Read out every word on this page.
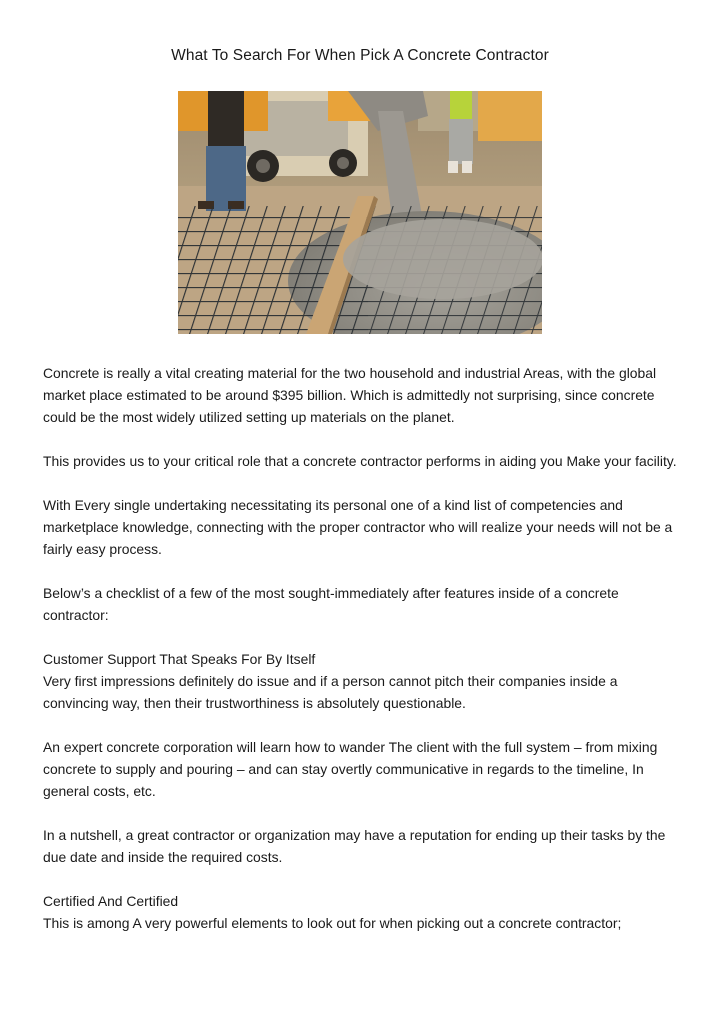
What To Search For When Pick A Concrete Contractor

Concrete is really a vital creating material for the two household and industrial Areas, with the global market place estimated to be around $395 billion. Which is admittedly not surprising, since concrete could be the most widely utilized setting up materials on the planet.

This provides us to your critical role that a concrete contractor performs in aiding you Make your facility.

With Every single undertaking necessitating its personal one of a kind list of competencies and marketplace knowledge, connecting with the proper contractor who will realize your needs will not be a fairly easy process.

Below’s a checklist of a few of the most sought-immediately after features inside of a concrete contractor:

Customer Support That Speaks For By Itself

Very first impressions definitely do issue and if a person cannot pitch their companies inside a convincing way, then their trustworthiness is absolutely questionable.

An expert concrete corporation will learn how to wander The client with the full system – from mixing concrete to supply and pouring – and can stay overtly communicative in regards to the timeline, In general costs, etc.

In a nutshell, a great contractor or organization may have a reputation for ending up their tasks by the due date and inside the required costs.

Certified And Certified

This is among A very powerful elements to look out for when picking out a concrete contractor;
